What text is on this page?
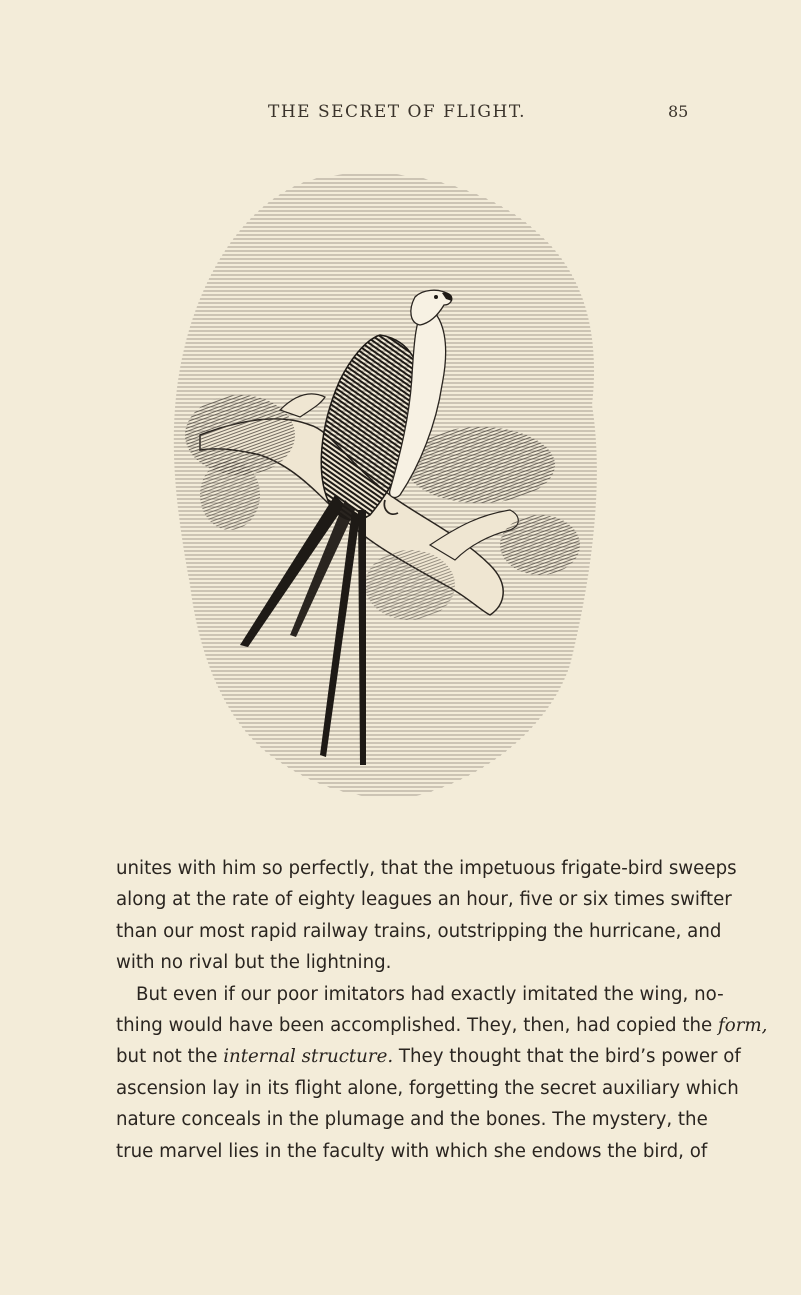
THE SECRET OF FLIGHT.	85

unites with him so perfectly, that the impetuous frigate-bird sweeps
along at the rate of eighty leagues an hour, five or six times swifter
than our most rapid railway trains, outstripping the hurricane, and
with no rival but the lightning.

But even if our poor imitators had exactly imitated the wing, no-
thing would have been accomplished. They, then, had copied the form,
but not the internal structure. They thought that the bird’s power of
ascension lay in its flight alone, forgetting the secret auxiliary which
nature conceals in the plumage and the bones. The mystery, the
true marvel lies in the faculty with which she endows the bird, of
